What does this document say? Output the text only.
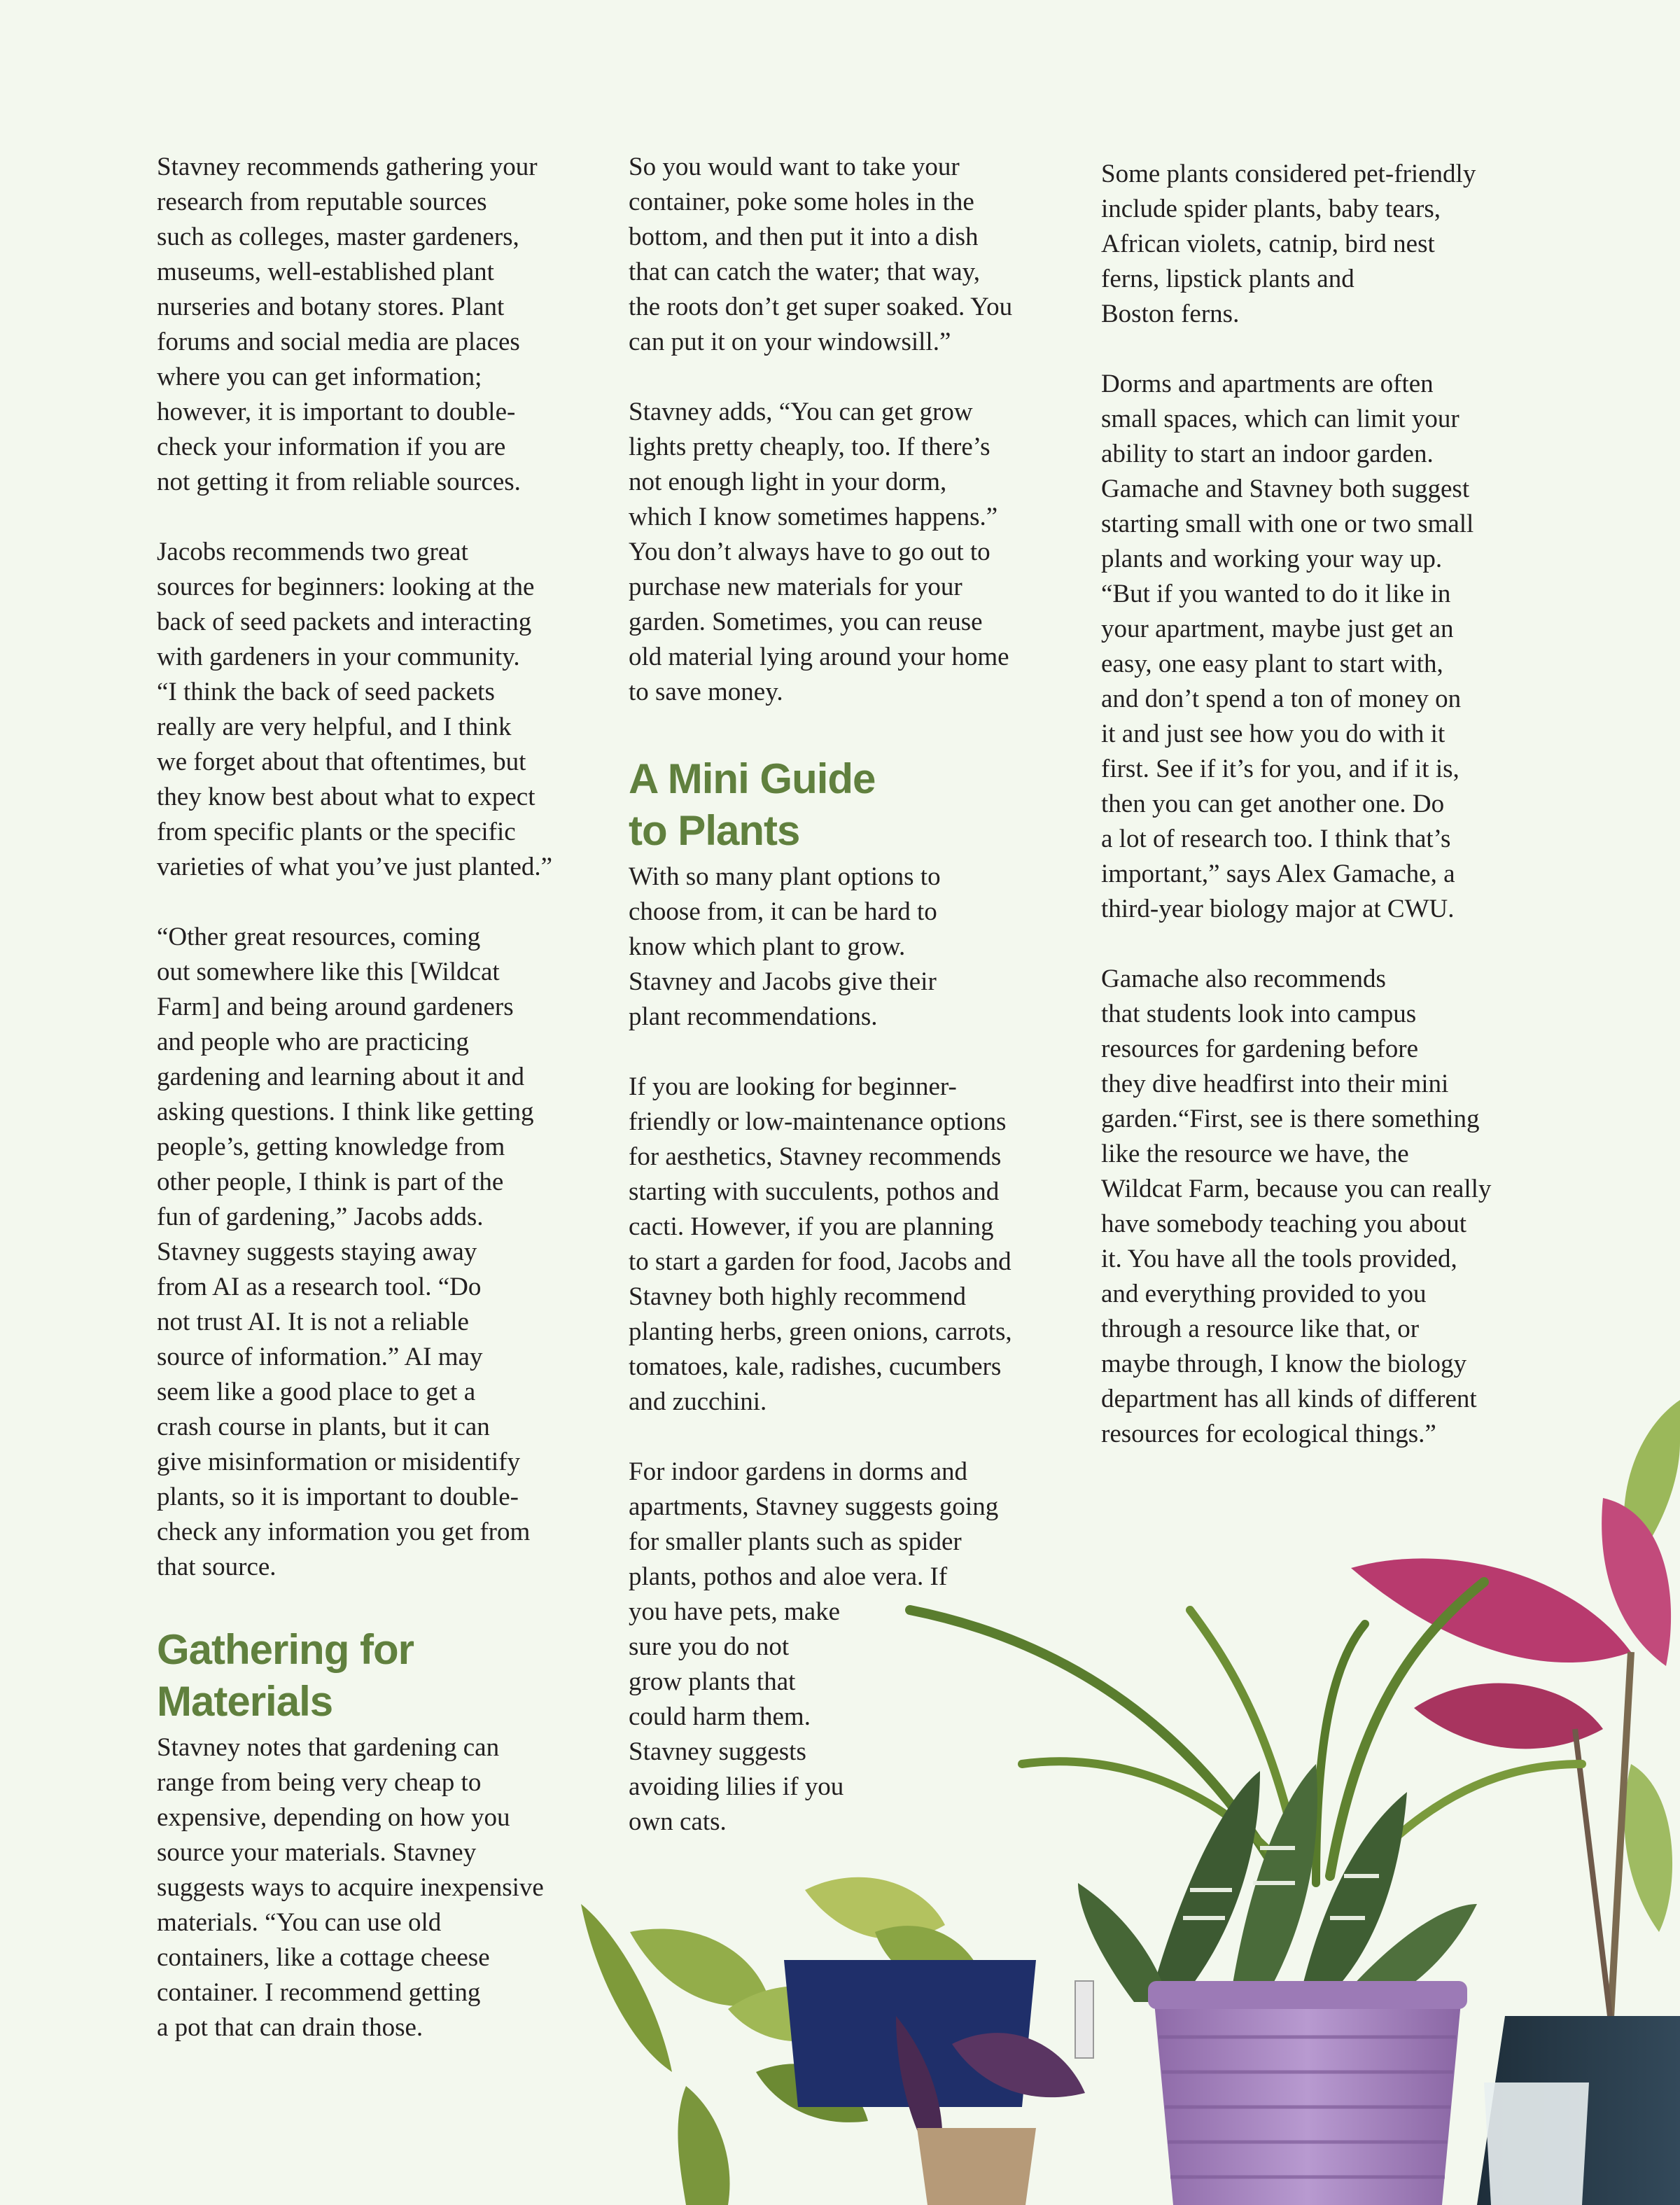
Stavney recommends gathering your
research from reputable sources
such as colleges, master gardeners,
museums, well-established plant
nurseries and botany stores. Plant
forums and social media are places
where you can get information;
however, it is important to double-
check your information if you are
not getting it from reliable sources.

Jacobs recommends two great
sources for beginners: looking at the
back of seed packets and interacting
with gardeners in your community.
“I think the back of seed packets
really are very helpful, and I think
we forget about that oftentimes, but
they know best about what to expect
from specific plants or the specific
varieties of what you’ve just planted.”

“Other great resources, coming
out somewhere like this [Wildcat
Farm] and being around gardeners
and people who are practicing
gardening and learning about it and
asking questions. I think like getting
people’s, getting knowledge from
other people, I think is part of the
fun of gardening,” Jacobs adds.
Stavney suggests staying away
from AI as a research tool. “Do
not trust AI. It is not a reliable
source of information.” AI may
seem like a good place to get a
crash course in plants, but it can
give misinformation or misidentify
plants, so it is important to double-
check any information you get from
that source.

Gathering for
Materials

Stavney notes that gardening can
range from being very cheap to
expensive, depending on how you
source your materials. Stavney
suggests ways to acquire inexpensive
materials. “You can use old
containers, like a cottage cheese
container. I recommend getting
a pot that can drain those.

So you would want to take your
container, poke some holes in the
bottom, and then put it into a dish
that can catch the water; that way,
the roots don’t get super soaked. You
can put it on your windowsill.”

Stavney adds, “You can get grow
lights pretty cheaply, too. If there’s
not enough light in your dorm,
which I know sometimes happens.”
You don’t always have to go out to
purchase new materials for your
garden. Sometimes, you can reuse
old material lying around your home
to save money.

A Mini Guide
to Plants

With so many plant options to
choose from, it can be hard to
know which plant to grow.
Stavney and Jacobs give their
plant recommendations.

If you are looking for beginner-
friendly or low-maintenance options
for aesthetics, Stavney recommends
starting with succulents, pothos and
cacti. However, if you are planning
to start a garden for food, Jacobs and
Stavney both highly recommend
planting herbs, green onions, carrots,
tomatoes, kale, radishes, cucumbers
and zucchini.

For indoor gardens in dorms and
apartments, Stavney suggests going
for smaller plants such as spider
plants, pothos and aloe vera. If
you have pets, make
sure you do not
grow plants that
could harm them.
Stavney suggests
avoiding lilies if you
own cats.

Some plants considered pet-friendly
include spider plants, baby tears,
African violets, catnip, bird nest
ferns, lipstick plants and
Boston ferns.

Dorms and apartments are often
small spaces, which can limit your
ability to start an indoor garden.
Gamache and Stavney both suggest
starting small with one or two small
plants and working your way up.
“But if you wanted to do it like in
your apartment, maybe just get an
easy, one easy plant to start with,
and don’t spend a ton of money on
it and just see how you do with it
first. See if it’s for you, and if it is,
then you can get another one. Do
a lot of research too. I think that’s
important,” says Alex Gamache, a
third-year biology major at CWU.

Gamache also recommends
that students look into campus
resources for gardening before
they dive headfirst into their mini
garden.“First, see is there something
like the resource we have, the
Wildcat Farm, because you can really
have somebody teaching you about
it. You have all the tools provided,
and everything provided to you
through a resource like that, or
maybe through, I know the biology
department has all kinds of different
resources for ecological things.”
